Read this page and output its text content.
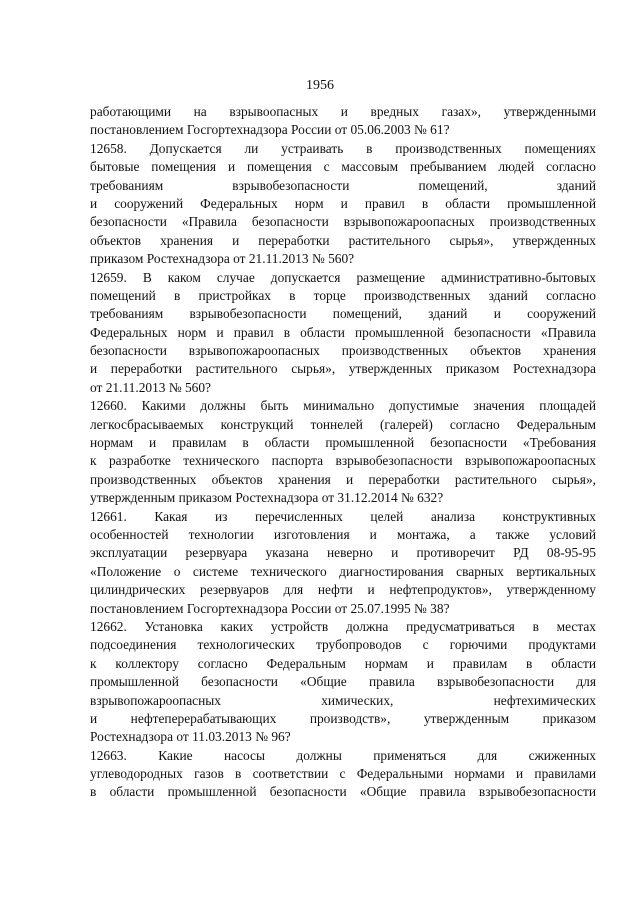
1956
работающими на взрывоопасных и вредных газах», утвержденными
постановлением Госгортехнадзора России от 05.06.2003 № 61?
12658. Допускается ли устраивать в производственных помещениях
бытовые помещения и помещения с массовым пребыванием людей согласно
требованиям взрывобезопасности помещений, зданий
и сооружений Федеральных норм и правил в области промышленной
безопасности «Правила безопасности взрывопожароопасных производственных
объектов хранения и переработки растительного сырья», утвержденных
приказом Ростехнадзора от 21.11.2013 № 560?
12659. В каком случае допускается размещение административно-бытовых
помещений в пристройках в торце производственных зданий согласно
требованиям взрывобезопасности помещений, зданий и сооружений
Федеральных норм и правил в области промышленной безопасности «Правила
безопасности взрывопожароопасных производственных объектов хранения
и переработки растительного сырья», утвержденных приказом Ростехнадзора
от 21.11.2013 № 560?
12660. Какими должны быть минимально допустимые значения площадей
легкосбрасываемых конструкций тоннелей (галерей) согласно Федеральным
нормам и правилам в области промышленной безопасности «Требования
к разработке технического паспорта взрывобезопасности взрывопожароопасных
производственных объектов хранения и переработки растительного сырья»,
утвержденным приказом Ростехнадзора от 31.12.2014 № 632?
12661. Какая из перечисленных целей анализа конструктивных
особенностей технологии изготовления и монтажа, а также условий
эксплуатации резервуара указана неверно и противоречит РД 08-95-95
«Положение о системе технического диагностирования сварных вертикальных
цилиндрических резервуаров для нефти и нефтепродуктов», утвержденному
постановлением Госгортехнадзора России от 25.07.1995 № 38?
12662. Установка каких устройств должна предусматриваться в местах
подсоединения технологических трубопроводов с горючими продуктами
к коллектору согласно Федеральным нормам и правилам в области
промышленной безопасности «Общие правила взрывобезопасности для
взрывопожароопасных химических, нефтехимических
и нефтеперерабатывающих производств», утвержденным приказом
Ростехнадзора от 11.03.2013 № 96?
12663. Какие насосы должны применяться для сжиженных
углеводородных газов в соответствии с Федеральными нормами и правилами
в области промышленной безопасности «Общие правила взрывобезопасности
